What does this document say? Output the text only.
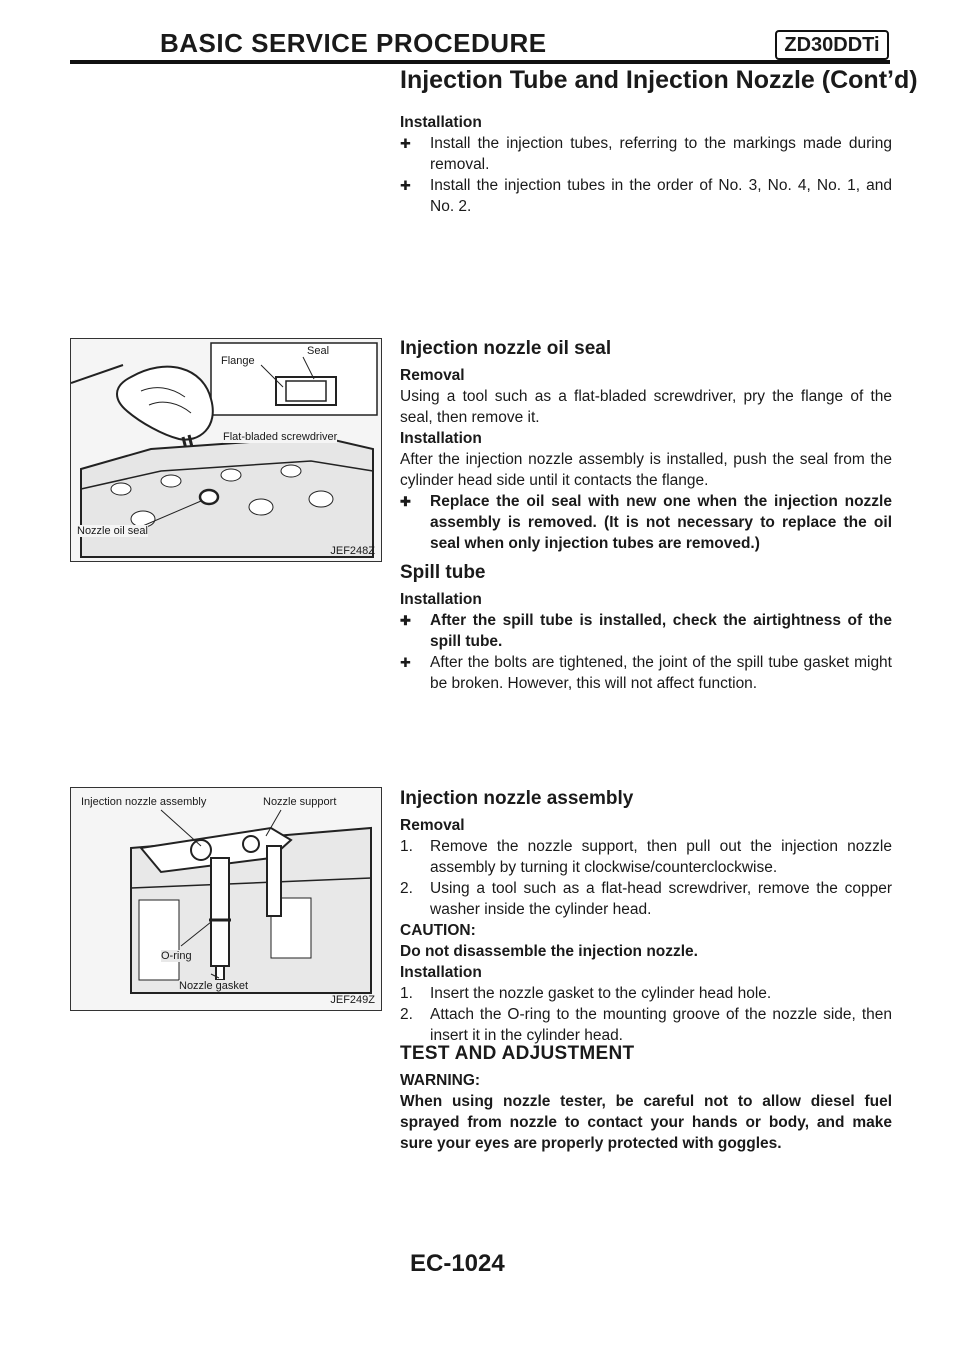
BASIC SERVICE PROCEDURE	ZD30DDTi
Injection Tube and Injection Nozzle (Cont’d)
Installation
✚ Install the injection tubes, referring to the markings made during removal.
✚ Install the injection tubes in the order of No. 3, No. 4, No. 1, and No. 2.
Seal
Flange
Flat-bladed screwdriver
Nozzle oil seal
JEF248Z
Injection nozzle oil seal
Removal
Using a tool such as a flat-bladed screwdriver, pry the flange of the seal, then remove it.
Installation
After the injection nozzle assembly is installed, push the seal from the cylinder head side until it contacts the flange.
✚ Replace the oil seal with new one when the injection nozzle assembly is removed. (It is not necessary to replace the oil seal when only injection tubes are removed.)
Spill tube
Installation
✚ After the spill tube is installed, check the airtightness of the spill tube.
✚ After the bolts are tightened, the joint of the spill tube gasket might be broken. However, this will not affect function.
Injection nozzle assembly	Nozzle support
O-ring
Nozzle gasket
JEF249Z
Injection nozzle assembly
Removal
1. Remove the nozzle support, then pull out the injection nozzle assembly by turning it clockwise/counterclockwise.
2. Using a tool such as a flat-head screwdriver, remove the copper washer inside the cylinder head.
CAUTION:
Do not disassemble the injection nozzle.
Installation
1. Insert the nozzle gasket to the cylinder head hole.
2. Attach the O-ring to the mounting groove of the nozzle side, then insert it in the cylinder head.
TEST AND ADJUSTMENT
WARNING:
When using nozzle tester, be careful not to allow diesel fuel sprayed from nozzle to contact your hands or body, and make sure your eyes are properly protected with goggles.
EC-1024
